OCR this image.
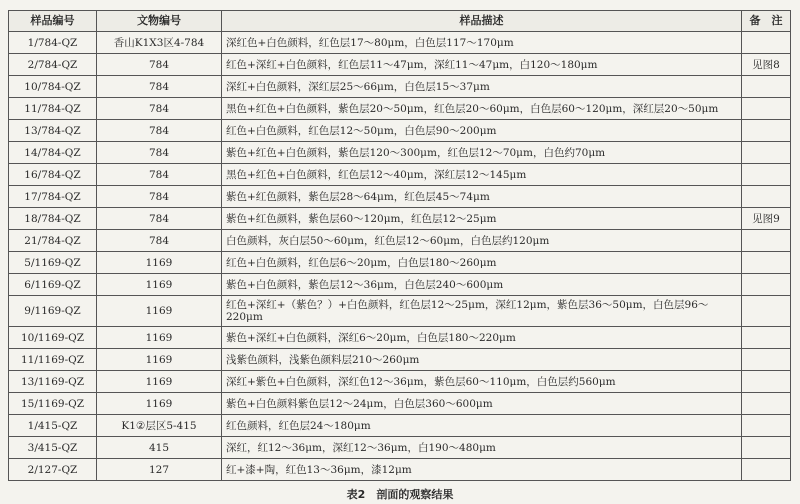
样品编号	文物编号	样品描述	备　注
1/784-QZ	香山K1X3区4-784	深红色+白色颜料，红色层17～80μm，白色层117～170μm	
2/784-QZ	784	红色+深红+白色颜料，红色层11～47μm，深红11～47μm，白120～180μm	见图8
10/784-QZ	784	深红+白色颜料，深红层25～66μm，白色层15～37μm	
11/784-QZ	784	黑色+红色+白色颜料，紫色层20～50μm，红色层20～60μm，白色层60～120μm，深红层20～50μm	
13/784-QZ	784	红色+白色颜料，红色层12～50μm，白色层90～200μm	
14/784-QZ	784	紫色+红色+白色颜料，紫色层120～300μm，红色层12～70μm，白色约70μm	
16/784-QZ	784	黑色+红色+白色颜料，红色层12～40μm，深红层12～145μm	
17/784-QZ	784	紫色+红色颜料，紫色层28～64μm，红色层45～74μm	
18/784-QZ	784	紫色+红色颜料，紫色层60～120μm，红色层12～25μm	见图9
21/784-QZ	784	白色颜料，灰白层50～60μm，红色层12～60μm，白色层约120μm	
5/1169-QZ	1169	红色+白色颜料，红色层6～20μm，白色层180～260μm	
6/1169-QZ	1169	紫色+白色颜料，紫色层12～36μm，白色层240～600μm	
9/1169-QZ	1169	红色+深红+（紫色？）+白色颜料，红色层12～25μm，深红12μm，紫色层36～50μm，白色层96～220μm	
10/1169-QZ	1169	紫色+深红+白色颜料，深红6～20μm，白色层180～220μm	
11/1169-QZ	1169	浅紫色颜料，浅紫色颜料层210～260μm	
13/1169-QZ	1169	深红+紫色+白色颜料，深红色12～36μm，紫色层60～110μm，白色层约560μm	
15/1169-QZ	1169	紫色+白色颜料紫色层12～24μm，白色层360～600μm	
1/415-QZ	K1②层区5-415	红色颜料，红色层24～180μm	
3/415-QZ	415	深红，红12～36μm，深红12～36μm，白190～480μm	
2/127-QZ	127	红+漆+陶，红色13～36μm，漆12μm	
表2　剖面的观察结果
